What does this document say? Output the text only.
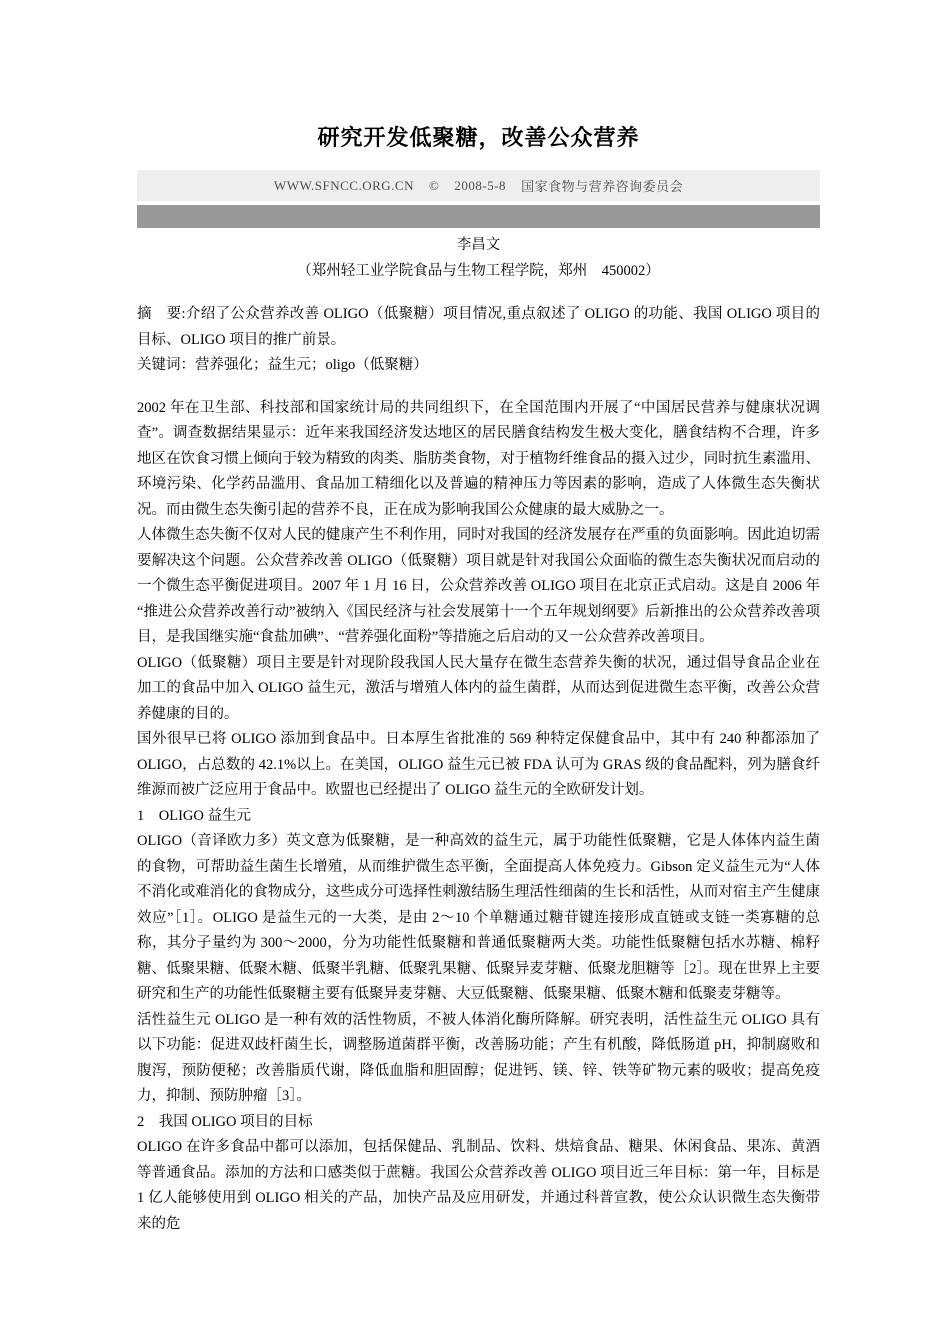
研究开发低聚糖，改善公众营养
WWW.SFNCC.ORG.CN © 2008-5-8 国家食物与营养咨询委员会
李昌文
（郑州轻工业学院食品与生物工程学院，郑州　450002）

摘　要:介绍了公众营养改善 OLIGO（低聚糖）项目情况,重点叙述了 OLIGO 的功能、我国 OLIGO 项目的目标、OLIGO 项目的推广前景。

关键词：营养强化；益生元；oligo（低聚糖）

2002 年在卫生部、科技部和国家统计局的共同组织下，在全国范围内开展了“中国居民营养与健康状况调查”。调查数据结果显示：近年来我国经济发达地区的居民膳食结构发生极大变化，膳食结构不合理，许多地区在饮食习惯上倾向于较为精致的肉类、脂肪类食物，对于植物纤维食品的摄入过少，同时抗生素滥用、环境污染、化学药品滥用、食品加工精细化以及普遍的精神压力等因素的影响，造成了人体微生态失衡状况。而由微生态失衡引起的营养不良，正在成为影响我国公众健康的最大威胁之一。

人体微生态失衡不仅对人民的健康产生不利作用，同时对我国的经济发展存在严重的负面影响。因此迫切需要解决这个问题。公众营养改善 OLIGO（低聚糖）项目就是针对我国公众面临的微生态失衡状况而启动的一个微生态平衡促进项目。2007 年 1 月 16 日，公众营养改善 OLIGO 项目在北京正式启动。这是自 2006 年“推进公众营养改善行动”被纳入《国民经济与社会发展第十一个五年规划纲要》后新推出的公众营养改善项目，是我国继实施“食盐加碘”、“营养强化面粉”等措施之后启动的又一公众营养改善项目。

OLIGO（低聚糖）项目主要是针对现阶段我国人民大量存在微生态营养失衡的状况，通过倡导食品企业在加工的食品中加入 OLIGO 益生元，激活与增殖人体内的益生菌群，从而达到促进微生态平衡，改善公众营养健康的目的。

国外很早已将 OLIGO 添加到食品中。日本厚生省批准的 569 种特定保健食品中，其中有 240 种都添加了 OLIGO，占总数的 42.1%以上。在美国，OLIGO 益生元已被 FDA 认可为 GRAS 级的食品配料，列为膳食纤维源而被广泛应用于食品中。欧盟也已经提出了 OLIGO 益生元的全欧研发计划。

1　OLIGO 益生元

OLIGO（音译欧力多）英文意为低聚糖，是一种高效的益生元，属于功能性低聚糖，它是人体体内益生菌的食物，可帮助益生菌生长增殖，从而维护微生态平衡，全面提高人体免疫力。Gibson 定义益生元为“人体不消化或难消化的食物成分，这些成分可选择性刺激结肠生理活性细菌的生长和活性，从而对宿主产生健康效应”［1］。OLIGO 是益生元的一大类，是由 2～10 个单糖通过糖苷键连接形成直链或支链一类寡糖的总称，其分子量约为 300～2000，分为功能性低聚糖和普通低聚糖两大类。功能性低聚糖包括水苏糖、棉籽糖、低聚果糖、低聚木糖、低聚半乳糖、低聚乳果糖、低聚异麦芽糖、低聚龙胆糖等［2］。现在世界上主要研究和生产的功能性低聚糖主要有低聚异麦芽糖、大豆低聚糖、低聚果糖、低聚木糖和低聚麦芽糖等。

活性益生元 OLIGO 是一种有效的活性物质，不被人体消化酶所降解。研究表明，活性益生元 OLIGO 具有以下功能：促进双歧杆菌生长，调整肠道菌群平衡，改善肠功能；产生有机酸，降低肠道 pH，抑制腐败和腹泻，预防便秘；改善脂质代谢，降低血脂和胆固醇；促进钙、镁、锌、铁等矿物元素的吸收；提高免疫力，抑制、预防肿瘤［3］。

2　我国 OLIGO 项目的目标

OLIGO 在许多食品中都可以添加，包括保健品、乳制品、饮料、烘焙食品、糖果、休闲食品、果冻、黄酒等普通食品。添加的方法和口感类似于蔗糖。我国公众营养改善 OLIGO 项目近三年目标：第一年，目标是 1 亿人能够使用到 OLIGO 相关的产品，加快产品及应用研发，并通过科普宣教，使公众认识微生态失衡带来的危
